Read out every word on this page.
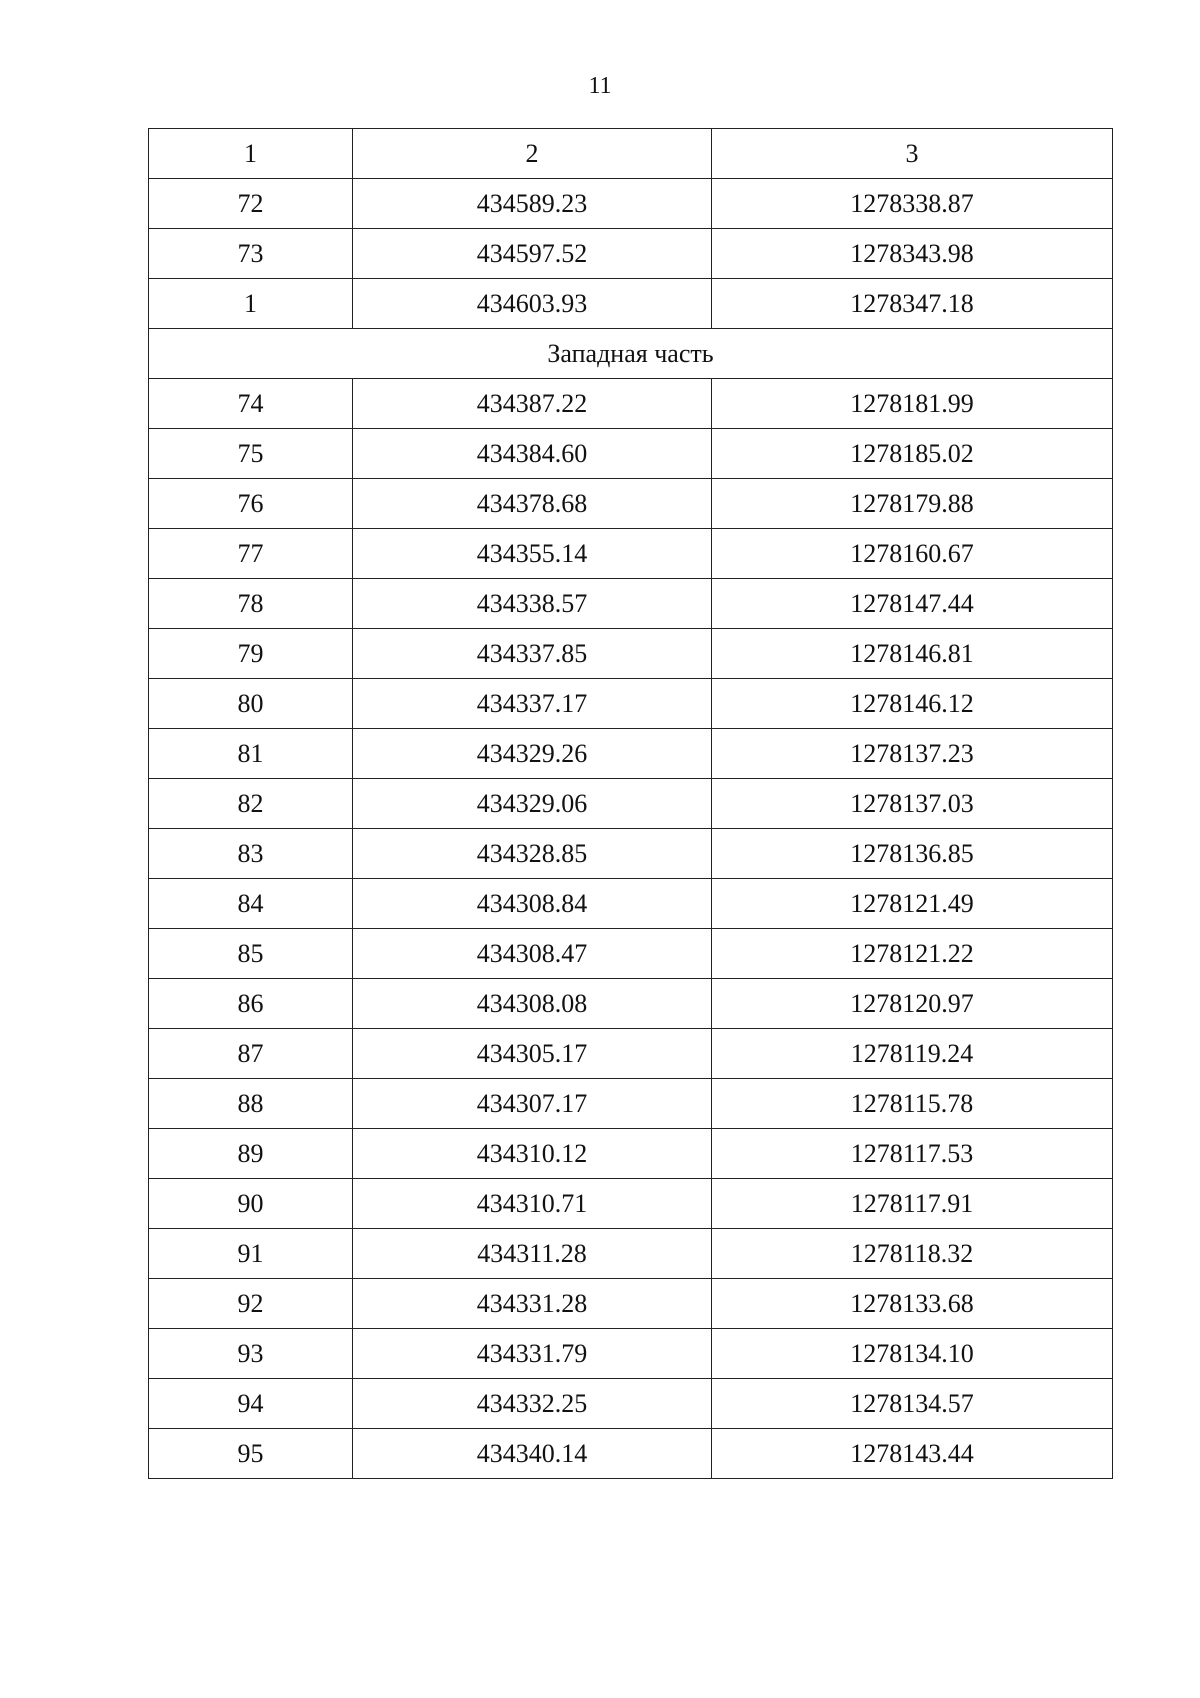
11
1	2	3
72	434589.23	1278338.87
73	434597.52	1278343.98
1	434603.93	1278347.18
Западная часть		
74	434387.22	1278181.99
75	434384.60	1278185.02
76	434378.68	1278179.88
77	434355.14	1278160.67
78	434338.57	1278147.44
79	434337.85	1278146.81
80	434337.17	1278146.12
81	434329.26	1278137.23
82	434329.06	1278137.03
83	434328.85	1278136.85
84	434308.84	1278121.49
85	434308.47	1278121.22
86	434308.08	1278120.97
87	434305.17	1278119.24
88	434307.17	1278115.78
89	434310.12	1278117.53
90	434310.71	1278117.91
91	434311.28	1278118.32
92	434331.28	1278133.68
93	434331.79	1278134.10
94	434332.25	1278134.57
95	434340.14	1278143.44
